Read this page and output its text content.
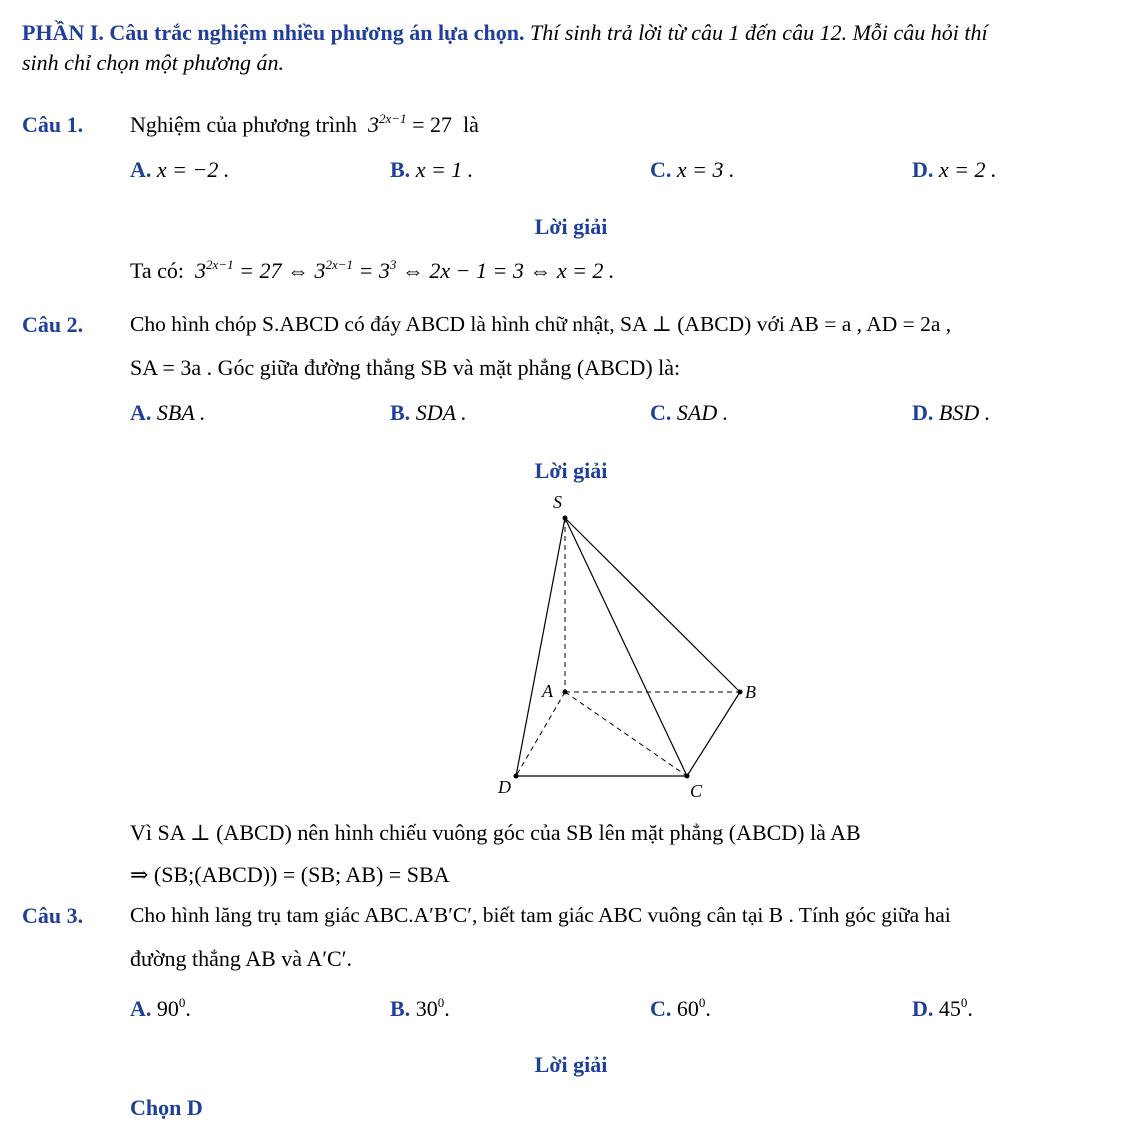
PHẦN I. Câu trắc nghiệm nhiều phương án lựa chọn. Thí sinh trả lời từ câu 1 đến câu 12. Mỗi câu hỏi thí
sinh chỉ chọn một phương án.
Câu 1. Nghiệm của phương trình $3^{2x-1} = 27$ là
A. x = −2 .	B. x = 1 .	C. x = 3 .	D. x = 2 .
Lời giải
Ta có: $3^{2x-1} = 27$ ⇔ $3^{2x-1} = 3^3$ ⇔ 2x − 1 = 3 ⇔ x = 2 .
Câu 2. Cho hình chóp S.ABCD có đáy ABCD là hình chữ nhật, SA ⊥ (ABCD) với AB = a , AD = 2a ,
SA = 3a . Góc giữa đường thẳng SB và mặt phẳng (ABCD) là:
A. SBA .	B. SDA .	C. SAD .	D. BSD .
Lời giải
S
A	B
C
D
Vì SA ⊥ (ABCD) nên hình chiếu vuông góc của SB lên mặt phẳng (ABCD) là AB
⇒ (SB;(ABCD)) = (SB; AB) = SBA
Câu 3. Cho hình lăng trụ tam giác ABC.A′B′C′, biết tam giác ABC vuông cân tại B . Tính góc giữa hai
đường thẳng AB và A′C′.
A. $90^0$.	B. $30^0$.	C. $60^0$.	D. $45^0$.
Lời giải
Chọn D
